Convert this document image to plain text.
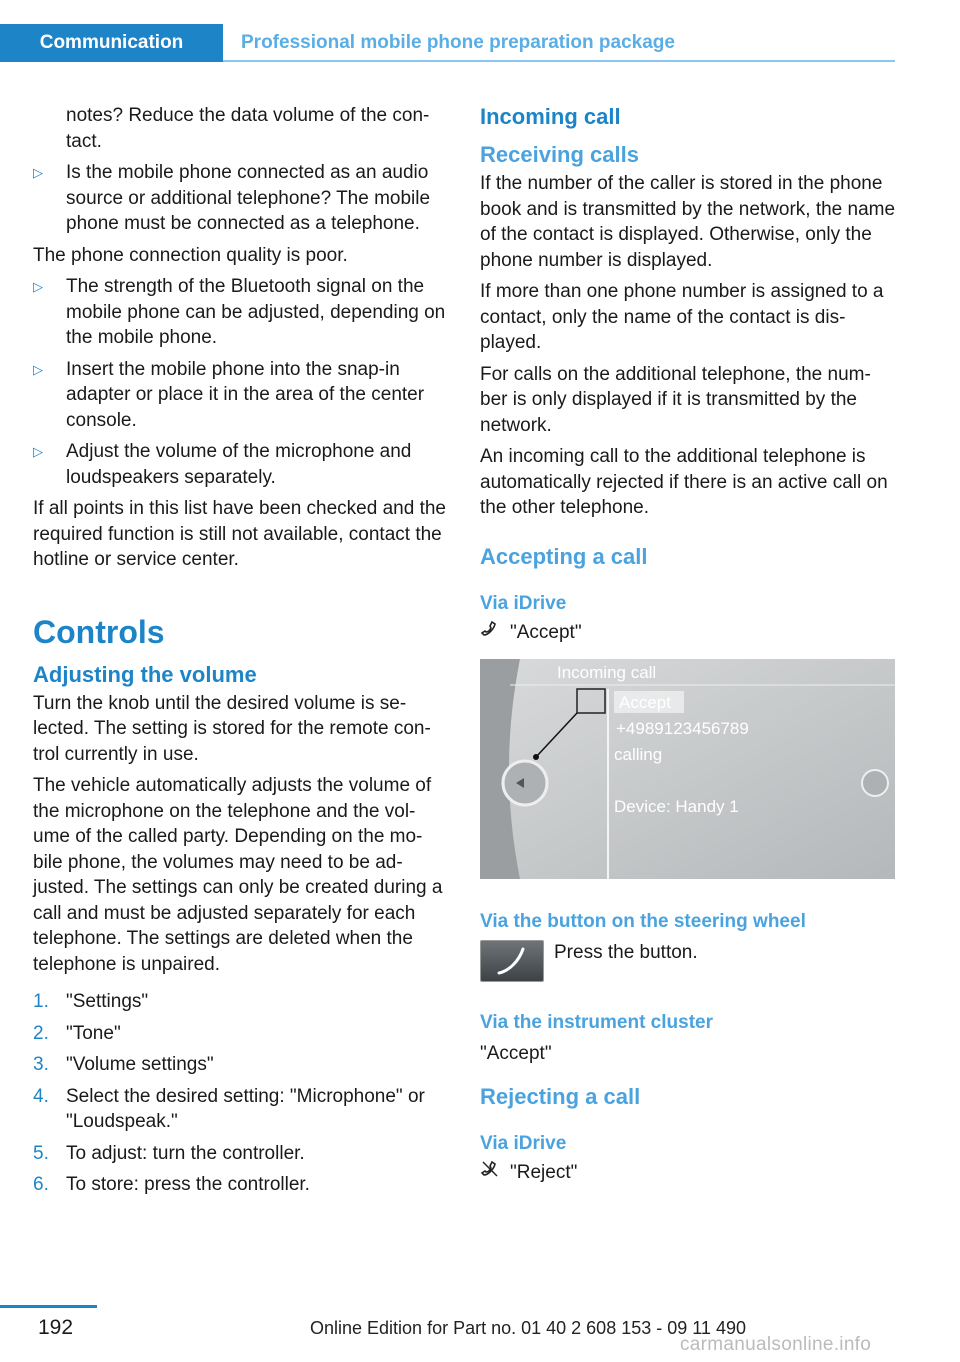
Communication	Professional mobile phone preparation package

notes? Reduce the data volume of the con- tact.

▷ Is the mobile phone connected as an audio source or additional telephone? The mobile phone must be connected as a telephone.

The phone connection quality is poor.

▷ The strength of the Bluetooth signal on the mobile phone can be adjusted, depending on the mobile phone.
▷ Insert the mobile phone into the snap-in adapter or place it in the area of the center console.
▷ Adjust the volume of the microphone and loudspeakers separately.

If all points in this list have been checked and the required function is still not available, contact the hotline or service center.

Controls
Adjusting the volume

Turn the knob until the desired volume is se- lected. The setting is stored for the remote con- trol currently in use.

The vehicle automatically adjusts the volume of the microphone on the telephone and the vol- ume of the called party. Depending on the mo- bile phone, the volumes may need to be ad- justed. The settings can only be created during a call and must be adjusted separately for each telephone. The settings are deleted when the telephone is unpaired.

1. "Settings"
2. "Tone"
3. "Volume settings"
4. Select the desired setting: "Microphone" or "Loudspeak."
5. To adjust: turn the controller.
6. To store: press the controller.
Incoming call
Receiving calls

If the number of the caller is stored in the phone book and is transmitted by the network, the name of the contact is displayed. Otherwise, only the phone number is displayed.

If more than one phone number is assigned to a contact, only the name of the contact is dis- played.

For calls on the additional telephone, the num- ber is only displayed if it is transmitted by the network.

An incoming call to the additional telephone is automatically rejected if there is an active call on the other telephone.

Accepting a call
Via iDrive
"Accept"
Incoming call
Accept
+4989123456789
calling
Device: Handy 1
Via the button on the steering wheel
Press the button.
Via the instrument cluster

"Accept"

Rejecting a call
Via iDrive
"Reject"
192	Online Edition for Part no. 01 40 2 608 153 - 09 11 490
carmanualsonline.info
